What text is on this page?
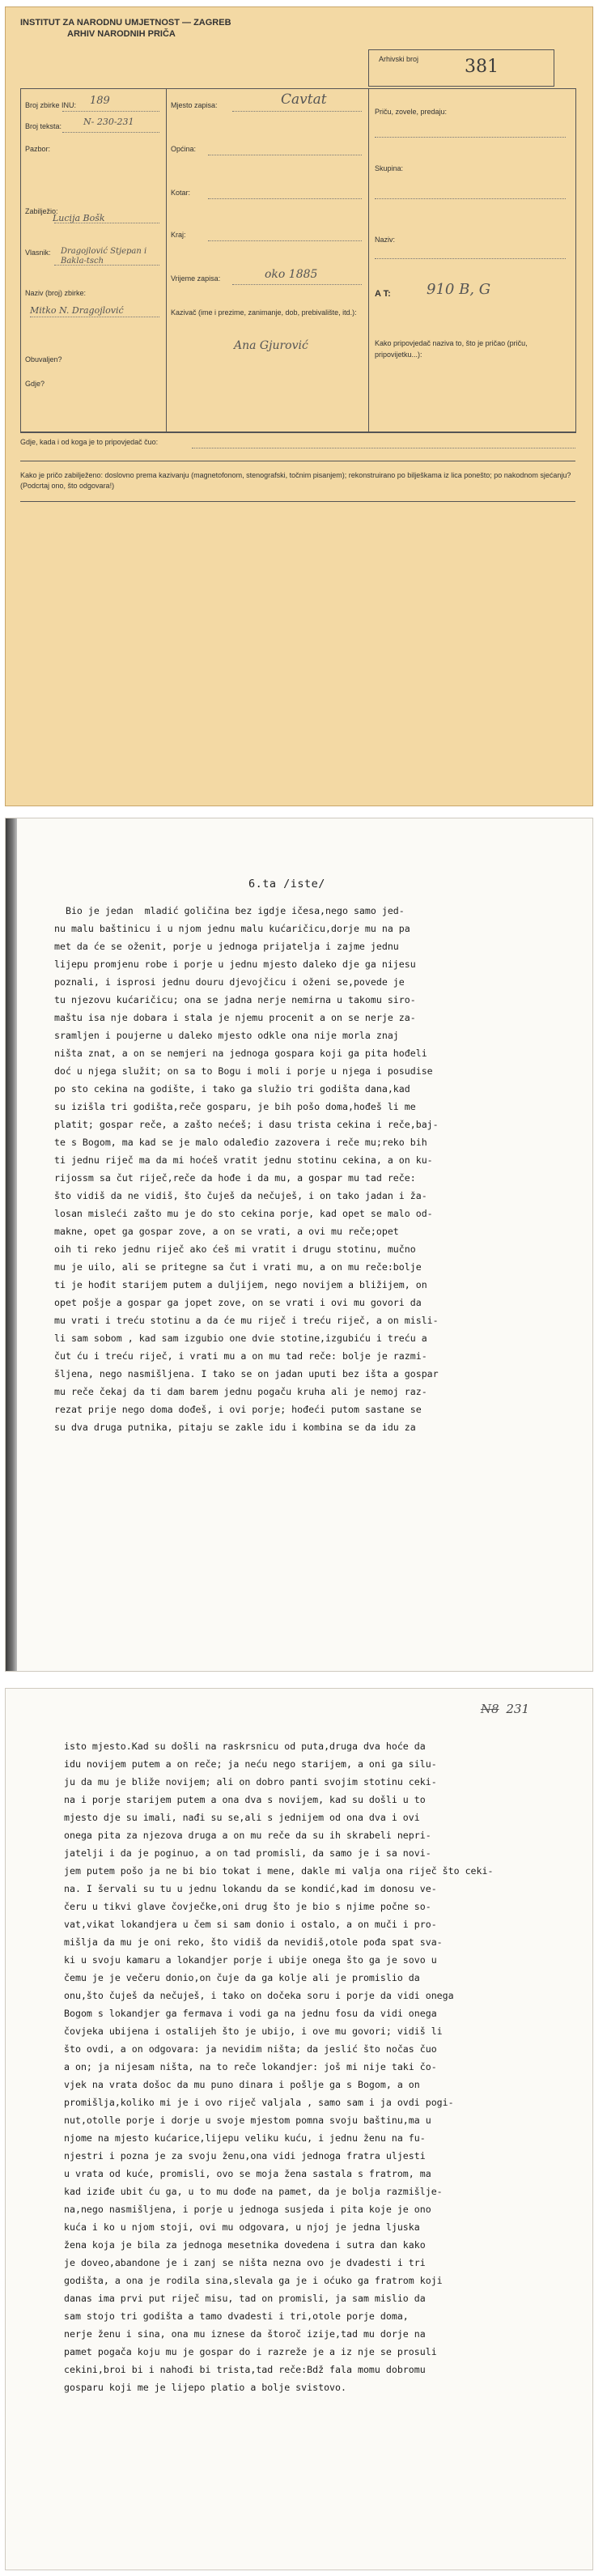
INSTITUT ZA NARODNU UMJETNOST — ZAGREB
ARHIV NARODNIH PRIČA
Arhivski broj	381
Broj zbirke INU: 189
Broj teksta: N- 230-231
Pazbor:
Zabilježio:
Lucija Bošk
Vlasnik: Dragojlović Stjepan i Bakla-tsch
Naziv (broj) zbirke:
Mitko N. Dragojlović
Obuvaljen?
Gdje?
Mjesto zapisa:	Cavtat
Općina:
Kotar:
Kraj:
Vrijeme zapisa:	oko 1885
Kazivač (ime i prezime, zanimanje, dob, prebivalište, itd.):
Ana Gjurović
Priču, zovele, predaju:
Skupina:
Naziv:
A T: 910 B, G
Kako pripovjedač naziva to, što je pričao (priču, pripovijetku...):
Gdje, kada i od koga je to pripovjedač čuo:
Kako je pričo zabilježeno: doslovno prema kazivanju (magnetofonom, stenografski, točnim pisanjem); rekonstruirano po bilješkama iz lica ponešto; po nakodnom sjećanju? (Podcrtaj ono, što odgovara!)
6.ta /iste/
Bio je jedan  mladić goličina bez igdje ičesa,nego samo jed-
nu malu baštinicu i u njom jednu malu kućaričicu,dorje mu na pa
met da će se oženit, porje u jednoga prijatelja i zajme jednu
lijepu promjenu robe i porje u jednu mjesto daleko dje ga nijesu
poznali, i isprosi jednu douru djevojčicu i oženi se,povede je
tu njezovu kućaričicu; ona se jadna nerje nemirna u takomu siro-
maštu isa nje dobara i stala je njemu procenit a on se nerje za-
sramljen i poujerne u daleko mjesto odkle ona nije morla znaj
ništa znat, a on se nemjeri na jednoga gospara koji ga pita hođeli
doć u njega služit; on sa to Bogu i moli i porje u njega i posudise
po sto cekina na godište, i tako ga služio tri godišta dana,kad
su izišla tri godišta,reče gosparu, je bih pošo doma,hođeš li me
platit; gospar reče, a zašto nećeš; i dasu trista cekina i reče,baj-
te s Bogom, ma kad se je malo odaleđio zazovera i reče mu;reko bih
ti jednu riječ ma da mi hoćeš vratit jednu stotinu cekina, a on ku-
rijossm sa čut riječ,reče da hođe i da mu, a gospar mu tad reče:
što vidiš da ne vidiš, što čuješ da nečuješ, i on tako jadan i ža-
losan misleći zašto mu je do sto cekina porje, kad opet se malo od-
makne, opet ga gospar zove, a on se vrati, a ovi mu reče;opet
oih ti reko jednu riječ ako ćeš mi vratit i drugu stotinu, mučno
mu je uilo, ali se pritegne sa čut i vrati mu, a on mu reče:bolje
ti je hođit starijem putem a duljijem, nego novijem a bližijem, on
opet pošje a gospar ga jopet zove, on se vrati i ovi mu govori da
mu vrati i treću stotinu a da će mu riječ i treću riječ, a on misli-
li sam sobom , kad sam izgubio one dvie stotine,izgubiću i treću a
čut ću i treću riječ, i vrati mu a on mu tad reče: bolje je razmi-
šljena, nego nasmišljena. I tako se on jadan uputi bez išta a gospar
mu reče čekaj da ti dam barem jednu pogaču kruha ali je nemoj raz-
rezat prije nego doma dođeš, i ovi porje; hođeći putom sastane se
su dva druga putnika, pitaju se zakle idu i kombina se da idu za
N8 231
isto mjesto.Kad su došli na raskrsnicu od puta,druga dva hoće da
idu novijem putem a on reče; ja neću nego starijem, a oni ga silu-
ju da mu je bliže novijem; ali on dobro panti svojim stotinu ceki-
na i porje starijem putem a ona dva s novijem, kad su došli u to
mjesto dje su imali, nađi su se,ali s jednijem od ona dva i ovi
onega pita za njezova druga a on mu reče da su ih skrabeli nepri-
jatelji i da je poginuo, a on tad promisli, da samo je i sa novi-
jem putem pošo ja ne bi bio tokat i mene, dakle mi valja ona riječ što ceki-
na. I šervali su tu u jednu lokandu da se kondić,kad im donosu ve-
čeru u tikvi glave čovječke,oni drug što je bio s njime počne so-
vat,vikat lokandjera u čem si sam donio i ostalo, a on muči i pro-
mišlja da mu je oni reko, što vidiš da nevidiš,otole pođa spat sva-
ki u svoju kamaru a lokandjer porje i ubije onega što ga je sovo u
čemu je je večeru donio,on čuje da ga kolje ali je promislio da
onu,što čuješ da nečuješ, i tako on dočeka soru i porje da vidi onega
Bogom s lokandjer ga fermava i vodi ga na jednu fosu da vidi onega
čovjeka ubijena i ostalijeh što je ubijo, i ove mu govori; vidiš li
što ovdi, a on odgovara: ja nevidim ništa; da jeslić što nočas čuo
a on; ja nijesam ništa, na to reče lokandjer: još mi nije taki čo-
vjek na vrata došoc da mu puno dinara i pošlje ga s Bogom, a on
promišlja,koliko mi je i ovo riječ valjala , samo sam i ja ovdi pogi-
nut,otolle porje i dorje u svoje mjestom pomna svoju baštinu,ma u
njome na mjesto kućarice,lijepu veliku kuću, i jednu ženu na fu-
njestri i pozna je za svoju ženu,ona vidi jednoga fratra uljesti
u vrata od kuće, promisli, ovo se moja žena sastala s fratrom, ma
kad iziđe ubit ću ga, u to mu dođe na pamet, da je bolja razmišlje-
na,nego nasmišljena, i porje u jednoga susjeda i pita koje je ono
kuća i ko u njom stoji, ovi mu odgovara, u njoj je jedna ljuska
žena koja je bila za jednoga mesetnika dovedena i sutra dan kako
je doveo,abandone je i zanj se ništa nezna ovo je dvadesti i tri
godišta, a ona je rodila sina,slevala ga je i oćuko ga fratrom koji
danas ima prvi put riječ misu, tad on promisli, ja sam mislio da
sam stojo tri godišta a tamo dvadesti i tri,otole porje doma,
nerje ženu i sina, ona mu iznese da štoroč izije,tad mu dorje na
pamet pogača koju mu je gospar do i razreže je a iz nje se prosuli
cekini,broi bi i nahođi bi trista,tad reče:Bdž fala momu dobromu
gosparu koji me je lijepo platio a bolje svistovo.
